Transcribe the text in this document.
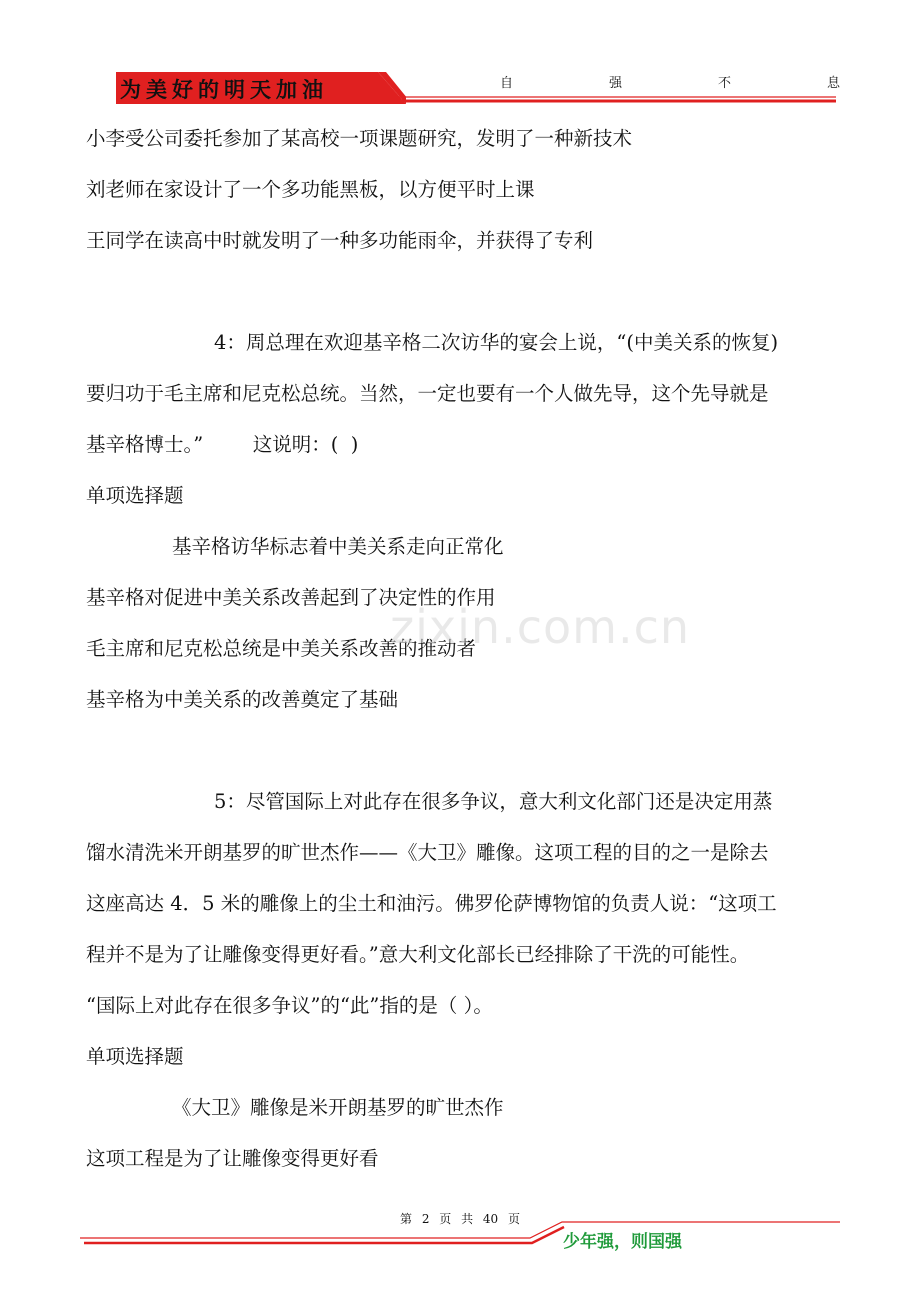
为美好的明天加油	自	强	不	息
小李受公司委托参加了某高校一项课题研究，发明了一种新技术
刘老师在家设计了一个多功能黑板，以方便平时上课
王同学在读高中时就发明了一种多功能雨伞，并获得了专利
4：周总理在欢迎基辛格二次访华的宴会上说，“(中美关系的恢复)
要归功于毛主席和尼克松总统。当然，一定也要有一个人做先导，这个先导就是
基辛格博士。”        这说明：(  )
单项选择题
基辛格访华标志着中美关系走向正常化
基辛格对促进中美关系改善起到了决定性的作用
毛主席和尼克松总统是中美关系改善的推动者
基辛格为中美关系的改善奠定了基础
zixin.com.cn
5：尽管国际上对此存在很多争议，意大利文化部门还是决定用蒸
馏水清洗米开朗基罗的旷世杰作——《大卫》雕像。这项工程的目的之一是除去
这座高达 4．5 米的雕像上的尘土和油污。佛罗伦萨博物馆的负责人说：“这项工
程并不是为了让雕像变得更好看。”意大利文化部长已经排除了干洗的可能性。
“国际上对此存在很多争议”的“此”指的是（ ）。
单项选择题
《大卫》雕像是米开朗基罗的旷世杰作
这项工程是为了让雕像变得更好看
第 2 页 共 40 页
少年强，则国强
